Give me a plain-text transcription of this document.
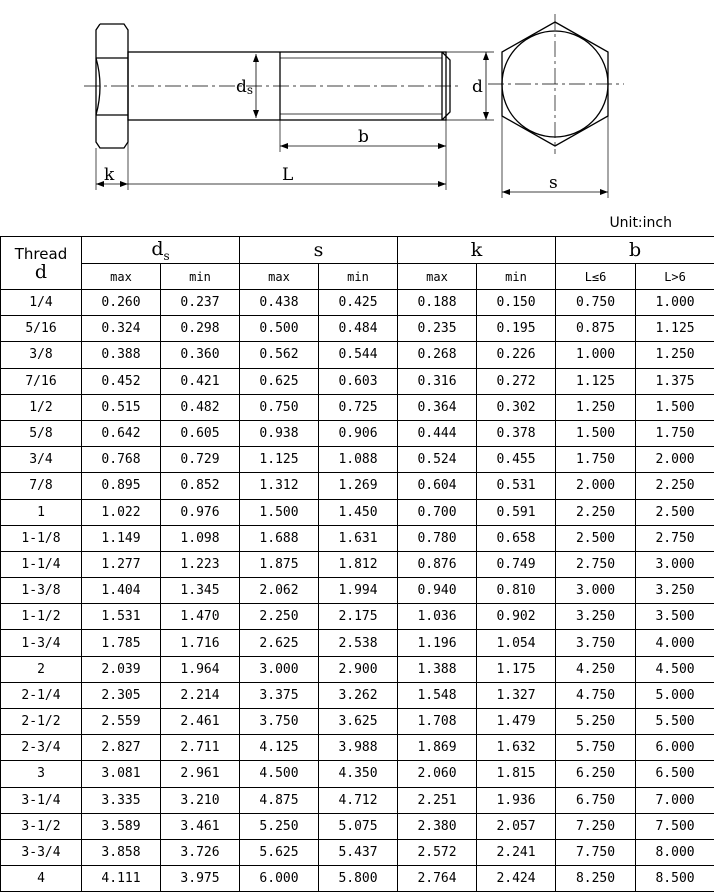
ds	d
b
k	L	s
Unit:inch
Thread
d	$d_s$		s		k		b	
	max	min	max	min	max	min	L≤6	L>6
1/4	0.260	0.237	0.438	0.425	0.188	0.150	0.750	1.000
5/16	0.324	0.298	0.500	0.484	0.235	0.195	0.875	1.125
3/8	0.388	0.360	0.562	0.544	0.268	0.226	1.000	1.250
7/16	0.452	0.421	0.625	0.603	0.316	0.272	1.125	1.375
1/2	0.515	0.482	0.750	0.725	0.364	0.302	1.250	1.500
5/8	0.642	0.605	0.938	0.906	0.444	0.378	1.500	1.750
3/4	0.768	0.729	1.125	1.088	0.524	0.455	1.750	2.000
7/8	0.895	0.852	1.312	1.269	0.604	0.531	2.000	2.250
1	1.022	0.976	1.500	1.450	0.700	0.591	2.250	2.500
1-1/8	1.149	1.098	1.688	1.631	0.780	0.658	2.500	2.750
1-1/4	1.277	1.223	1.875	1.812	0.876	0.749	2.750	3.000
1-3/8	1.404	1.345	2.062	1.994	0.940	0.810	3.000	3.250
1-1/2	1.531	1.470	2.250	2.175	1.036	0.902	3.250	3.500
1-3/4	1.785	1.716	2.625	2.538	1.196	1.054	3.750	4.000
2	2.039	1.964	3.000	2.900	1.388	1.175	4.250	4.500
2-1/4	2.305	2.214	3.375	3.262	1.548	1.327	4.750	5.000
2-1/2	2.559	2.461	3.750	3.625	1.708	1.479	5.250	5.500
2-3/4	2.827	2.711	4.125	3.988	1.869	1.632	5.750	6.000
3	3.081	2.961	4.500	4.350	2.060	1.815	6.250	6.500
3-1/4	3.335	3.210	4.875	4.712	2.251	1.936	6.750	7.000
3-1/2	3.589	3.461	5.250	5.075	2.380	2.057	7.250	7.500
3-3/4	3.858	3.726	5.625	5.437	2.572	2.241	7.750	8.000
4	4.111	3.975	6.000	5.800	2.764	2.424	8.250	8.500
